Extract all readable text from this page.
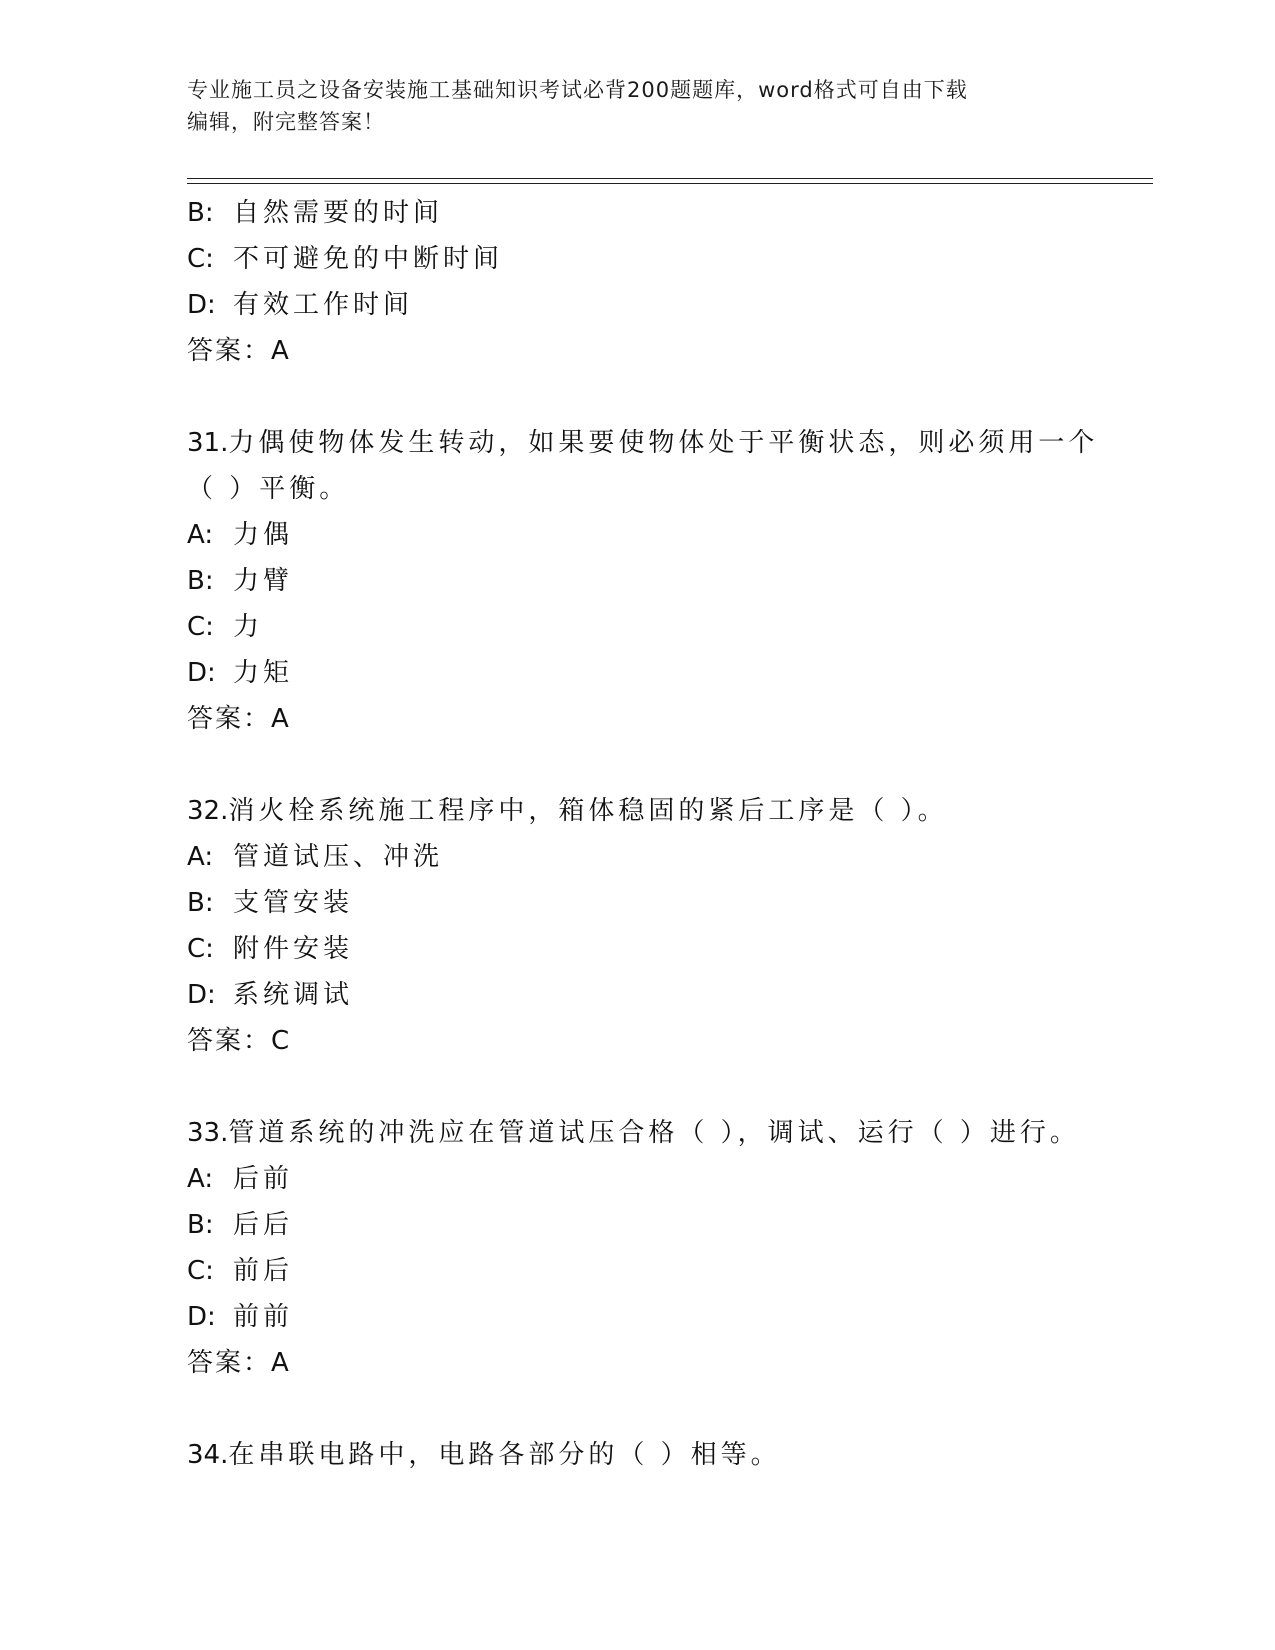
专业施工员之设备安装施工基础知识考试必背200题题库，word格式可自由下载
编辑，附完整答案！
B: 自然需要的时间
C: 不可避免的中断时间
D: 有效工作时间
答案：A
31.力偶使物体发生转动，如果要使物体处于平衡状态，则必须用一个
（ ）平衡。
A: 力偶
B: 力臂
C: 力
D: 力矩
答案：A
32.消火栓系统施工程序中，箱体稳固的紧后工序是（ ）。
A: 管道试压、冲洗
B: 支管安装
C: 附件安装
D: 系统调试
答案：C
33.管道系统的冲洗应在管道试压合格（ ），调试、运行（ ）进行。
A: 后前
B: 后后
C: 前后
D: 前前
答案：A
34.在串联电路中，电路各部分的（ ）相等。
